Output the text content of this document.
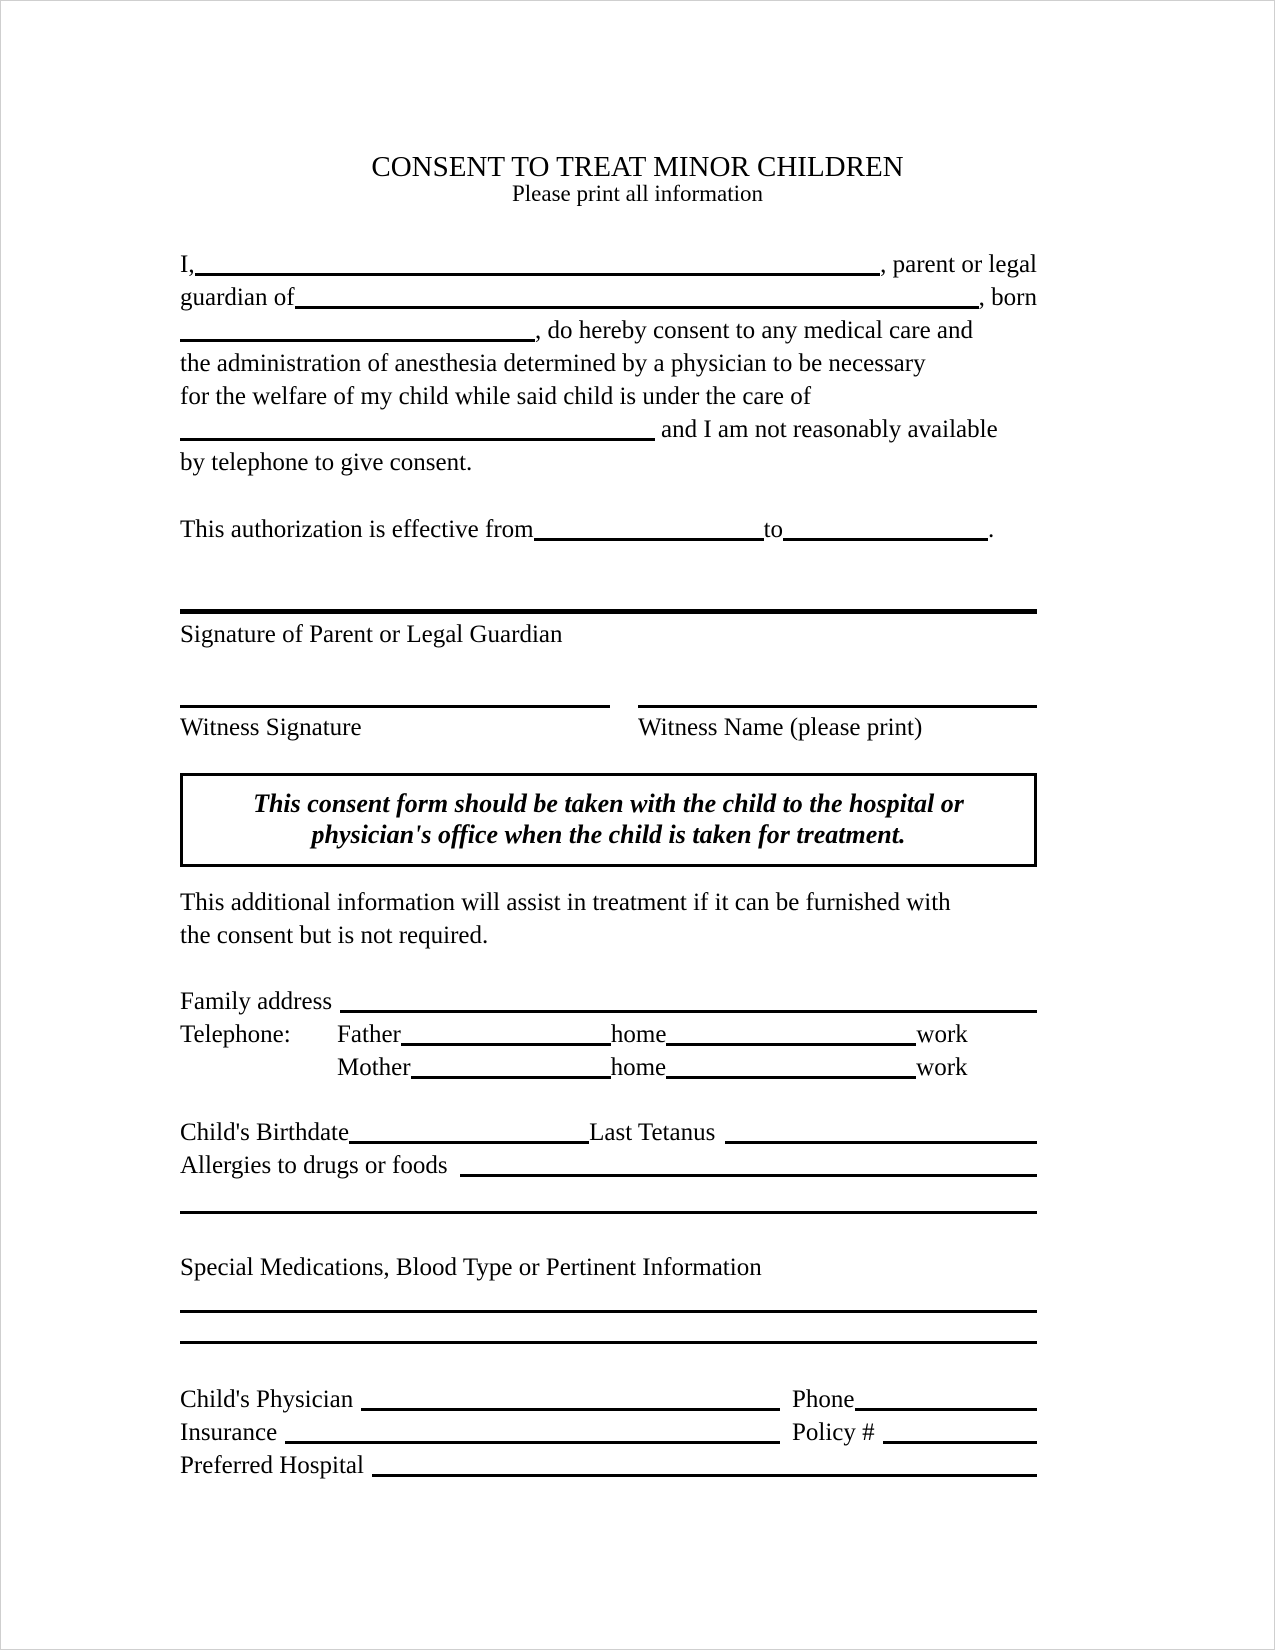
CONSENT TO TREAT MINOR CHILDREN
Please print all information
I,	, parent or legal
guardian of	, born
, do hereby consent to any medical care and
the administration of anesthesia determined by a physician to be necessary
for the welfare of my child while said child is under the care of
and I am not reasonably available
by telephone to give consent.
This authorization is effective from	to	.
Signature of Parent or Legal Guardian
Witness Signature	Witness Name (please print)
This consent form should be taken with the child to the hospital or
physician's office when the child is taken for treatment.
This additional information will assist in treatment if it can be furnished with
the consent but is not required.
Family address
Telephone:	Father	home	work
Mother	home	work
Child's Birthdate	Last Tetanus
Allergies to drugs or foods
Special Medications, Blood Type or Pertinent Information
Child's Physician	Phone
Insurance	Policy #
Preferred Hospital
